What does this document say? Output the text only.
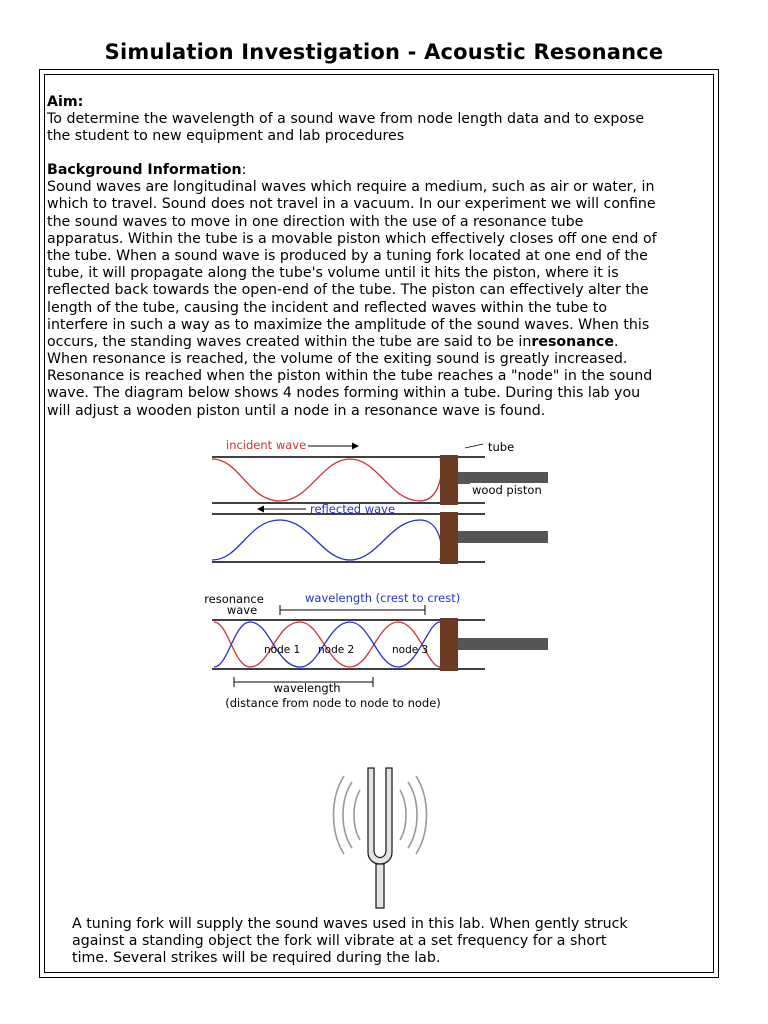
Simulation Investigation - Acoustic Resonance
Aim:
To determine the wavelength of a sound wave from node length data and to expose
the student to new equipment and lab procedures
Background Information:
Sound waves are longitudinal waves which require a medium, such as air or water, in
which to travel. Sound does not travel in a vacuum. In our experiment we will confine
the sound waves to move in one direction with the use of a resonance tube
apparatus. Within the tube is a movable piston which effectively closes off one end of
the tube. When a sound wave is produced by a tuning fork located at one end of the
tube, it will propagate along the tube's volume until it hits the piston, where it is
reflected back towards the open-end of the tube. The piston can effectively alter the
length of the tube, causing the incident and reflected waves within the tube to
interfere in such a way as to maximize the amplitude of the sound waves. When this
occurs, the standing waves created within the tube are said to be inresonance.
When resonance is reached, the volume of the exiting sound is greatly increased.
Resonance is reached when the piston within the tube reaches a "node" in the sound
wave. The diagram below shows 4 nodes forming within a tube. During this lab you
will adjust a wooden piston until a node in a resonance wave is found.
incident wave	tube
wood piston
reflected wave
resonance
wave
wavelength (crest to crest)
node 1 node 2	node 3
wavelength
(distance from node to node to node)
A tuning fork will supply the sound waves used in this lab. When gently struck
against a standing object the fork will vibrate at a set frequency for a short
time. Several strikes will be required during the lab.
